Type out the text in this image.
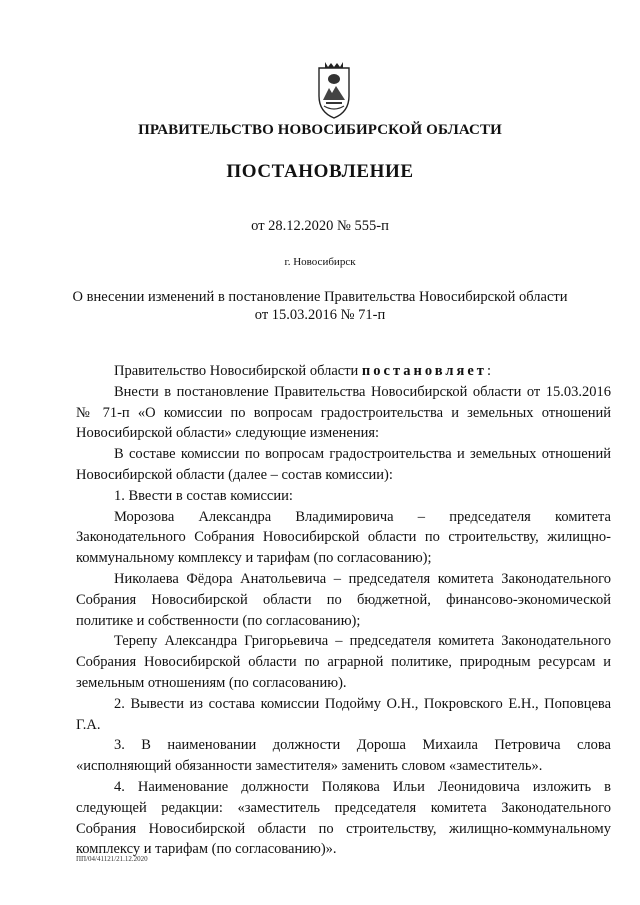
ПРАВИТЕЛЬСТВО НОВОСИБИРСКОЙ ОБЛАСТИ
ПОСТАНОВЛЕНИЕ
от 28.12.2020 № 555-п
г. Новосибирск
О внесении изменений в постановление Правительства Новосибирской области
от 15.03.2016 № 71-п

Правительство Новосибирской области постановляет:

Внести в постановление Правительства Новосибирской области от 15.03.2016 № 71-п «О комиссии по вопросам градостроительства и земельных отношений Новосибирской области» следующие изменения:

В составе комиссии по вопросам градостроительства и земельных отношений Новосибирской области (далее – состав комиссии):

1. Ввести в состав комиссии:

Морозова Александра Владимировича – председателя комитета Законодательного Собрания Новосибирской области по строительству, жилищно-коммунальному комплексу и тарифам (по согласованию);

Николаева Фёдора Анатольевича – председателя комитета Законодательного Собрания Новосибирской области по бюджетной, финансово-экономической политике и собственности (по согласованию);

Терепу Александра Григорьевича – председателя комитета Законодательного Собрания Новосибирской области по аграрной политике, природным ресурсам и земельным отношениям (по согласованию).

2. Вывести из состава комиссии Подойму О.Н., Покровского Е.Н., Поповцева Г.А.

3. В наименовании должности Дороша Михаила Петровича слова «исполняющий обязанности заместителя» заменить словом «заместитель».

4. Наименование должности Полякова Ильи Леонидовича изложить в следующей редакции: «заместитель председателя комитета Законодательного Собрания Новосибирской области по строительству, жилищно-коммунальному комплексу и тарифам (по согласованию)».

ПП/04/41121/21.12.2020
